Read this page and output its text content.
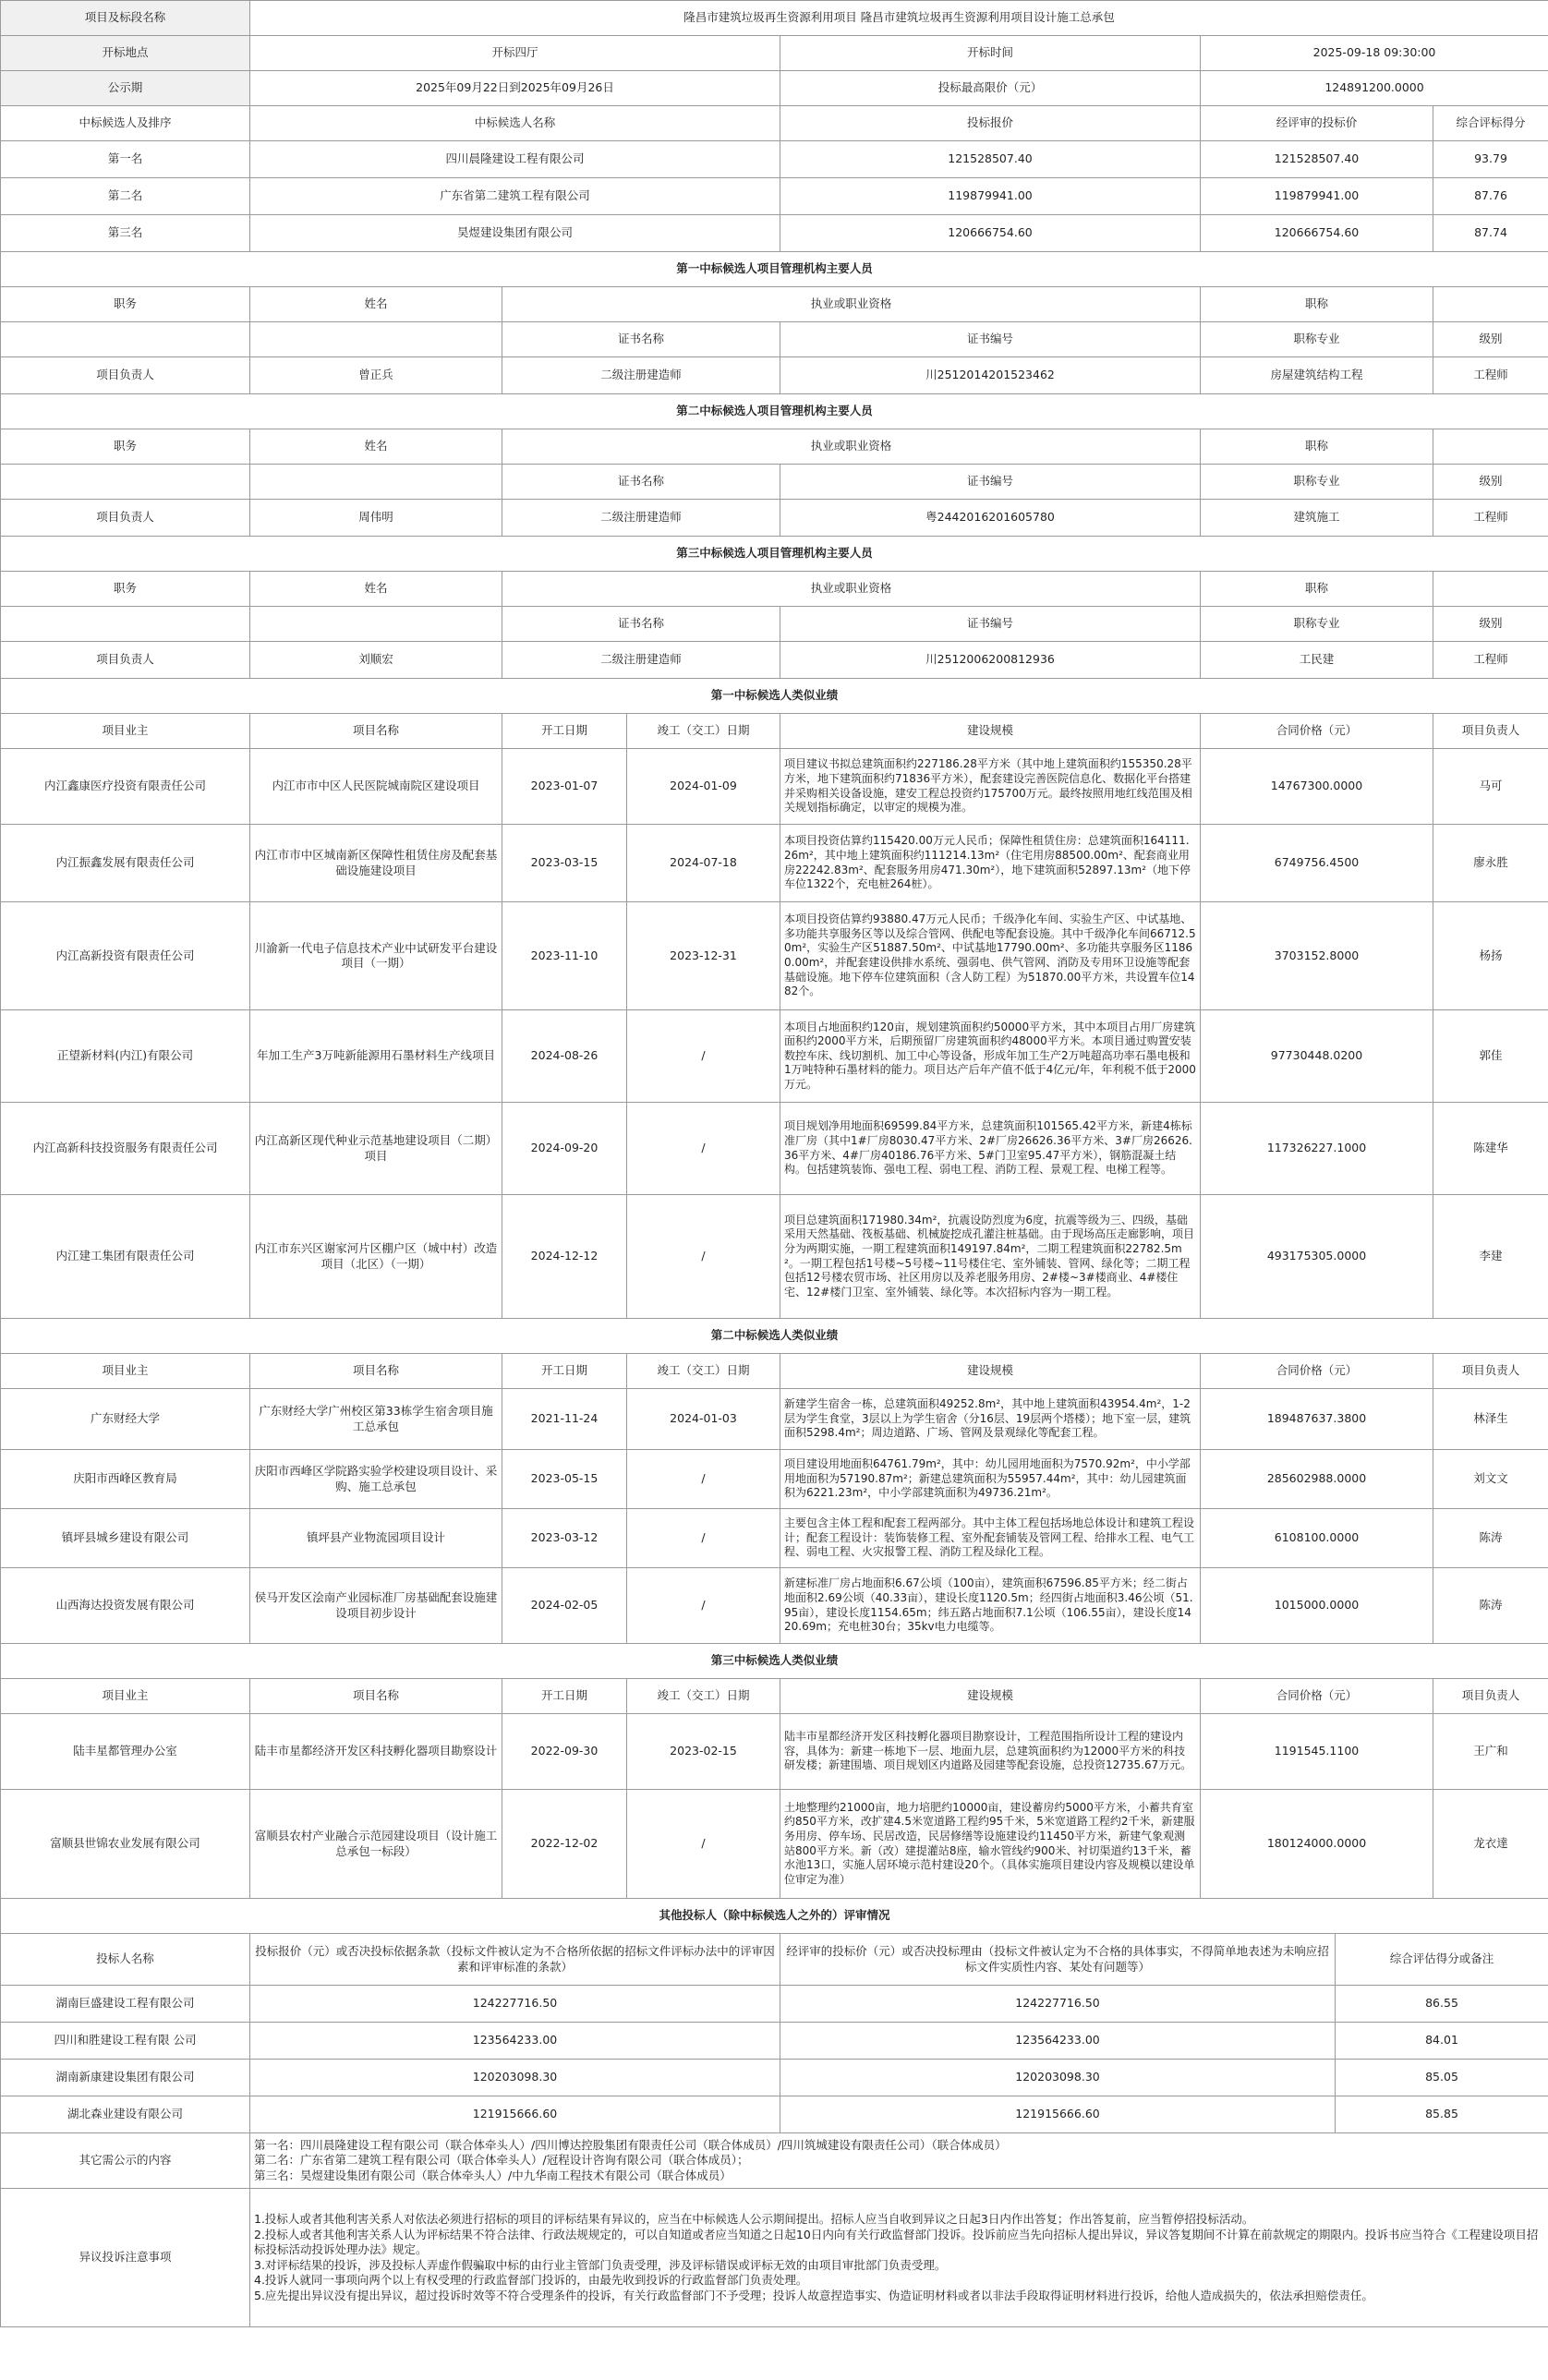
项目及标段名称	隆昌市建筑垃圾再生资源利用项目 隆昌市建筑垃圾再生资源利用项目设计施工总承包						
开标地点	开标四厅			开标时间	2025-09-18 09:30:00		
公示期	2025年09月22日到2025年09月26日			投标最高限价（元）	124891200.0000		
中标候选人及排序	中标候选人名称			投标报价	经评审的投标价		综合评标得分
第一名	四川晨隆建设工程有限公司			121528507.40	121528507.40		93.79
第二名	广东省第二建筑工程有限公司			119879941.00	119879941.00		87.76
第三名	昊煜建设集团有限公司			120666754.60	120666754.60		87.74
第一中标候选人项目管理机构主要人员							
职务	姓名	执业或职业资格			职称		
		证书名称		证书编号	职称专业		级别
项目负责人	曾正兵	二级注册建造师		川2512014201523462	房屋建筑结构工程		工程师
第二中标候选人项目管理机构主要人员							
职务	姓名	执业或职业资格			职称		
		证书名称		证书编号	职称专业		级别
项目负责人	周伟明	二级注册建造师		粤2442016201605780	建筑施工		工程师
第三中标候选人项目管理机构主要人员							
职务	姓名	执业或职业资格			职称		
		证书名称		证书编号	职称专业		级别
项目负责人	刘顺宏	二级注册建造师		川2512006200812936	工民建		工程师
第一中标候选人类似业绩							
项目业主	项目名称	开工日期	竣工（交工）日期	建设规模	合同价格（元）		项目负责人
内江鑫康医疗投资有限责任公司	内江市市中区人民医院城南院区建设项目	2023-01-07	2024-01-09	项目建议书拟总建筑面积约227186.28平方米（其中地上建筑面积约155350.28平方米，地下建筑面积约71836平方米），配套建设完善医院信息化、数据化平台搭建并采购相关设备设施，建安工程总投资约175700万元。最终按照用地红线范围及相关规划指标确定，以审定的规模为准。	14767300.0000		马可
内江振鑫发展有限责任公司	内江市市中区城南新区保障性租赁住房及配套基础设施建设项目	2023-03-15	2024-07-18	本项目投资估算约115420.00万元人民币；保障性租赁住房：总建筑面积164111.26m²，其中地上建筑面积约111214.13m²（住宅用房88500.00m²、配套商业用房22242.83m²、配套服务用房471.30m²），地下建筑面积52897.13m²（地下停车位1322个，充电桩264桩）。	6749756.4500		廖永胜
内江高新投资有限责任公司	川渝新一代电子信息技术产业中试研发平台建设项目（一期）	2023-11-10	2023-12-31	本项目投资估算约93880.47万元人民币；千级净化车间、实验生产区、中试基地、多功能共享服务区等以及综合管网、供配电等配套设施。其中千级净化车间66712.50m²，实验生产区51887.50m²、中试基地17790.00m²、多功能共享服务区11860.00m²，并配套建设供排水系统、强弱电、供气管网、消防及专用环卫设施等配套基础设施。地下停车位建筑面积（含人防工程）为51870.00平方米，共设置车位1482个。	3703152.8000		杨扬
正望新材料(内江)有限公司	年加工生产3万吨新能源用石墨材料生产线项目	2024-08-26	/	本项目占地面积约120亩，规划建筑面积约50000平方米，其中本项目占用厂房建筑面积约2000平方米，后期预留厂房建筑面积约48000平方米。本项目通过购置安装数控车床、线切割机、加工中心等设备，形成年加工生产2万吨超高功率石墨电极和1万吨特种石墨材料的能力。项目达产后年产值不低于4亿元/年，年利税不低于2000万元。	97730448.0200		郭佳
内江高新科技投资服务有限责任公司	内江高新区现代种业示范基地建设项目（二期）项目	2024-09-20	/	项目规划净用地面积69599.84平方米，总建筑面积101565.42平方米，新建4栋标准厂房（其中1#厂房8030.47平方米、2#厂房26626.36平方米、3#厂房26626.36平方米、4#厂房40186.76平方米、5#门卫室95.47平方米），钢筋混凝土结构。包括建筑装饰、强电工程、弱电工程、消防工程、景观工程、电梯工程等。	117326227.1000		陈建华
内江建工集团有限责任公司	内江市东兴区谢家河片区棚户区（城中村）改造项目（北区）（一期）	2024-12-12	/	项目总建筑面积171980.34m²，抗震设防烈度为6度，抗震等级为三、四级，基础采用天然基础、筏板基础、机械旋挖成孔灌注桩基础。由于现场高压走廊影响，项目分为两期实施，一期工程建筑面积149197.84m²，二期工程建筑面积22782.5m²。一期工程包括1号楼~5号楼~11号楼住宅、室外铺装、管网、绿化等；二期工程包括12号楼农贸市场、社区用房以及养老服务用房、2#楼~3#楼商业、4#楼住宅、12#楼门卫室、室外铺装、绿化等。本次招标内容为一期工程。	493175305.0000		李建
第二中标候选人类似业绩							
项目业主	项目名称	开工日期	竣工（交工）日期	建设规模	合同价格（元）		项目负责人
广东财经大学	广东财经大学广州校区第33栋学生宿舍项目施工总承包	2021-11-24	2024-01-03	新建学生宿舍一栋，总建筑面积49252.8m²，其中地上建筑面积43954.4m²，1-2层为学生食堂，3层以上为学生宿舍（分16层、19层两个塔楼）；地下室一层，建筑面积5298.4m²；周边道路、广场、管网及景观绿化等配套工程。	189487637.3800		林泽生
庆阳市西峰区教育局	庆阳市西峰区学院路实验学校建设项目设计、采购、施工总承包	2023-05-15	/	项目建设用地面积64761.79m²，其中：幼儿园用地面积为7570.92m²，中小学部用地面积为57190.87m²；新建总建筑面积为55957.44m²，其中：幼儿园建筑面积为6221.23m²，中小学部建筑面积为49736.21m²。	285602988.0000		刘文文
镇坪县城乡建设有限公司	镇坪县产业物流园项目设计	2023-03-12	/	主要包含主体工程和配套工程两部分。其中主体工程包括场地总体设计和建筑工程设计；配套工程设计：装饰装修工程、室外配套铺装及管网工程、给排水工程、电气工程、弱电工程、火灾报警工程、消防工程及绿化工程。	6108100.0000		陈涛
山西海达投资发展有限公司	侯马开发区浍南产业园标准厂房基础配套设施建设项目初步设计	2024-02-05	/	新建标准厂房占地面积6.67公顷（100亩），建筑面积67596.85平方米；经二街占地面积2.69公顷（40.33亩），建设长度1120.5m；经四街占地面积3.46公顷（51.95亩），建设长度1154.65m；纬五路占地面积7.1公顷（106.55亩），建设长度1420.69m；充电桩30台；35kv电力电缆等。	1015000.0000		陈涛
第三中标候选人类似业绩							
项目业主	项目名称	开工日期	竣工（交工）日期	建设规模	合同价格（元）		项目负责人
陆丰星都管理办公室	陆丰市星都经济开发区科技孵化器项目勘察设计	2022-09-30	2023-02-15	陆丰市星都经济开发区科技孵化器项目勘察设计，工程范围指所设计工程的建设内容，具体为：新建一栋地下一层、地面九层，总建筑面积约为12000平方米的科技研发楼；新建围墙、项目规划区内道路及园建等配套设施，总投资12735.67万元。	1191545.1100		王广和
富顺县世锦农业发展有限公司	富顺县农村产业融合示范园建设项目（设计施工总承包一标段）	2022-12-02	/	土地整理约21000亩，地力培肥约10000亩，建设蓄房约5000平方米，小蓄共育室约850平方米，改扩建4.5米宽道路工程约95千米，5米宽道路工程约2千米，新建服务用房、停车场、民居改造，民居修缮等设施建设约11450平方米，新建气象观测站800平方米。新（改）建提灌站8座，输水管线约900米、衬切渠道约13千米，蓄水池13口，实施人居环境示范村建设20个。（具体实施项目建设内容及规模以建设单位审定为准）	180124000.0000		龙衣達
其他投标人（除中标候选人之外的）评审情况							
投标人名称	投标报价（元）或否决投标依据条款（投标文件被认定为不合格所依据的招标文件评标办法中的评审因素和评审标准的条款）			经评审的投标价（元）或否决投标理由（投标文件被认定为不合格的具体事实，不得简单地表述为未响应招标文件实质性内容、某处有问题等）		综合评估得分或备注	
湖南巨盛建设工程有限公司	124227716.50			124227716.50		86.55	
四川和胜建设工程有限 公司	123564233.00			123564233.00		84.01	
湖南新康建设集团有限公司	120203098.30			120203098.30		85.05	
湖北森业建设有限公司	121915666.60			121915666.60		85.85	
其它需公示的内容	第一名：四川晨隆建设工程有限公司（联合体牵头人）/四川博达控股集团有限责任公司（联合体成员）/四川筑城建设有限责任公司）（联合体成员）
第二名：广东省第二建筑工程有限公司（联合体牵头人）/冠程设计咨询有限公司（联合体成员）；
第三名：昊煜建设集团有限公司（联合体牵头人）/中九华南工程技术有限公司（联合体成员）						

异议投诉注意事项	1.投标人或者其他利害关系人对依法必须进行招标的项目的评标结果有异议的，应当在中标候选人公示期间提出。招标人应当自收到异议之日起3日内作出答复；作出答复前，应当暂停招投标活动。
2.投标人或者其他利害关系人认为评标结果不符合法律、行政法规规定的，可以自知道或者应当知道之日起10日内向有关行政监督部门投诉。投诉前应当先向招标人提出异议，异议答复期间不计算在前款规定的期限内。投诉书应当符合《工程建设项目招标投标活动投诉处理办法》规定。
3.对评标结果的投诉，涉及投标人弄虚作假骗取中标的由行业主管部门负责受理，涉及评标错误或评标无效的由项目审批部门负责受理。
4.投诉人就同一事项向两个以上有权受理的行政监督部门投诉的，由最先收到投诉的行政监督部门负责处理。
5.应先提出异议没有提出异议，超过投诉时效等不符合受理条件的投诉，有关行政监督部门不予受理；投诉人故意捏造事实、伪造证明材料或者以非法手段取得证明材料进行投诉，给他人造成损失的，依法承担赔偿责任。						
